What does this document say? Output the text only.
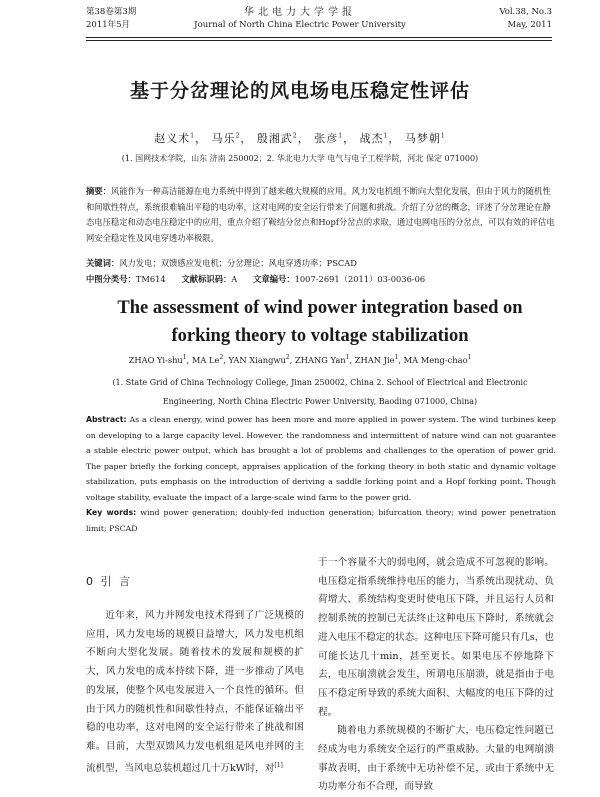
第38卷第3期
2011年5月
华北电力大学学报
Journal of North China Electric Power University
Vol.38, No.3
May, 2011
基于分岔理论的风电场电压稳定性评估
赵义术$^1$， 马乐$^2$， 殷湘武$^2$， 张彦$^1$， 战杰$^1$， 马梦朝$^1$
(1. 国网技术学院，山东 济南 250002；2. 华北电力大学 电气与电子工程学院，河北 保定 071000)
摘要：风能作为一种高洁能源在电力系统中得到了越来越大规模的应用。风力发电机组不断向大型化发展，但由于风力的随机性和间歇性特点，系统很难输出平稳的电功率，这对电网的安全运行带来了问题和挑战。介绍了分岔的概念，评述了分岔理论在静态电压稳定和动态电压稳定中的应用，重点介绍了鞍结分岔点和Hopf分岔点的求取，通过电网电压的分岔点，可以有效的评估电网安全稳定性及风电穿透功率极限。
关键词：风力发电；双馈感应发电机；分岔理论；风电穿透功率；PSCAD
中图分类号：TM614 文献标识码：A 文章编号：1007-2691（2011）03-0036-06
The assessment of wind power integration based on forking theory to voltage stabilization
ZHAO Yi-shu$^1$, MA Le$^2$, YAN Xiangwu$^2$, ZHANG Yan$^1$, ZHAN Jie$^1$, MA Meng-chao$^1$
(1. State Grid of China Technology College, Jinan 250002, China 2. School of Electrical and Electronic Engineering, North China Electric Power University, Baoding 071000, China)
Abstract: As a clean energy, wind power has been more and more applied in power system. The wind turbines keep on developing to a large capacity level. However, the randomness and intermittent of nature wind can not guarantee a stable electric power output, which has brought a lot of problems and challenges to the operation of power grid. The paper briefly the forking concept, appraises application of the forking theory in both static and dynamic voltage stabilization, puts emphasis on the introduction of deriving a saddle forking point and a Hopf forking point. Though voltage stability, evaluate the impact of a large-scale wind farm to the power grid.
Key words: wind power generation; doubly-fed induction generation; bifurcation theory; wind power penetration limit; PSCAD
0 引 言
近年来，风力并网发电技术得到了广泛规模的应用，风力发电场的规模日益增大，风力发电机组不断向大型化发展。随着技术的发展和规模的扩大，风力发电的成本持续下降，进一步推动了风电的发展，使整个风电发展进入一个良性的循环。但由于风力的随机性和间歇性特点，不能保证输出平稳的电功率，这对电网的安全运行带来了挑战和困难。目前，大型双馈风力发电机组是风电并网的主流机型，当风电总装机超过几十万kW时，对[1]

于一个容量不大的弱电网，就会造成不可忽视的影响。电压稳定指系统维持电压的能力，当系统出现扰动、负荷增大、系统结构变更时使电压下降，并且运行人员和控制系统的控制已无法终止这种电压下降时，系统就会进入电压不稳定的状态。这种电压下降可能只有几s，也可能长达几十min，甚至更长。如果电压不停地降下去，电压崩溃就会发生，所谓电压崩溃，就是指由于电压不稳定所导致的系统大面积、大幅度的电压下降的过程。

随着电力系统规模的不断扩大，电压稳定性问题已经成为电力系统安全运行的严重威胁。大量的电网崩溃事故表明，由于系统中无功补偿不足，或由于系统中无功功率分布不合理，而导致
